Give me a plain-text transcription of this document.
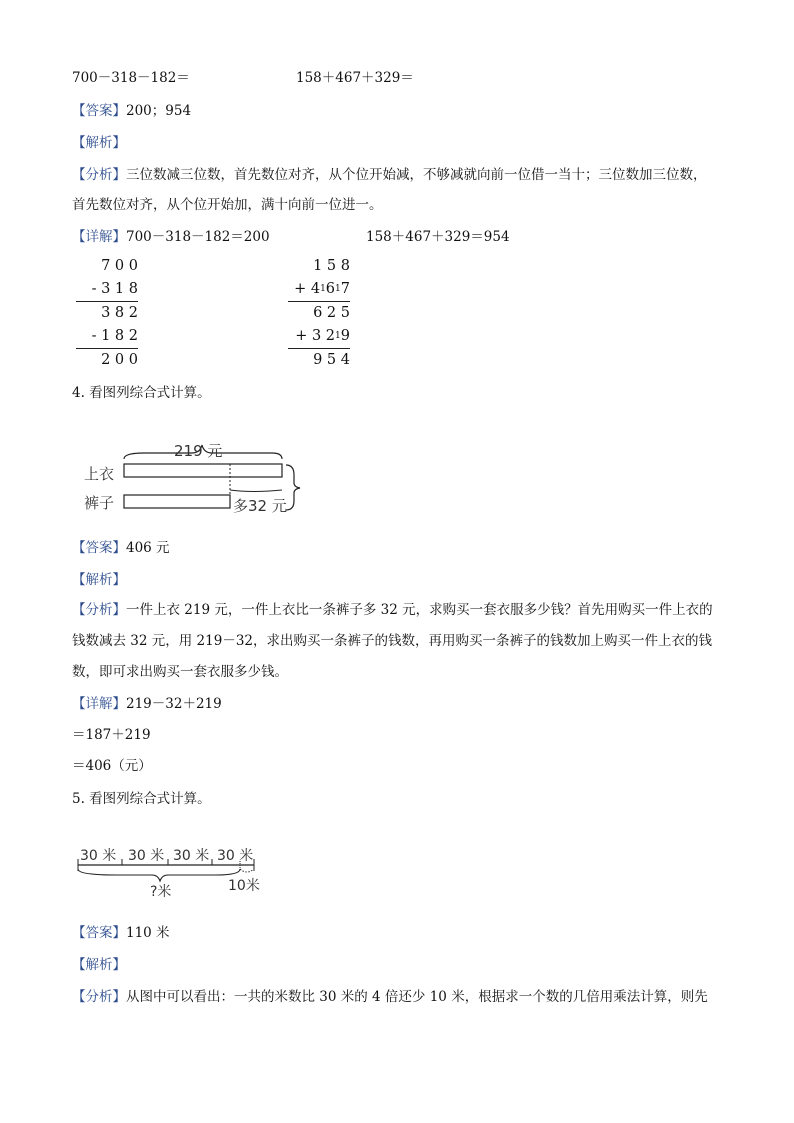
700－318－182＝	158＋467＋329＝
【答案】200；954
【解析】
【分析】三位数减三位数，首先数位对齐，从个位开始减，不够减就向前一位借一当十；三位数加三位数，
首先数位对齐，从个位开始加，满十向前一位进一。
【详解】700－318－182＝200	158＋467＋329＝954
7 0 0
- 3 1 8
3 8 2
- 1 8 2
2 0 0
1 5 8
+ $4^16^17$
6 2 5
+ 3 $2^19$
9 5 4
4. 看图列综合式计算。
219 元
上衣
裤子	多32 元
【答案】406 元
【解析】
【分析】一件上衣 219 元，一件上衣比一条裤子多 32 元，求购买一套衣服多少钱？首先用购买一件上衣的
钱数减去 32 元，用 219－32，求出购买一条裤子的钱数，再用购买一条裤子的钱数加上购买一件上衣的钱
数，即可求出购买一套衣服多少钱。
【详解】219－32＋219
＝187＋219
＝406（元）
5. 看图列综合式计算。
30 米 30 米 30 米 30 米
?米	10米
【答案】110 米
【解析】
【分析】从图中可以看出：一共的米数比 30 米的 4 倍还少 10 米，根据求一个数的几倍用乘法计算，则先
